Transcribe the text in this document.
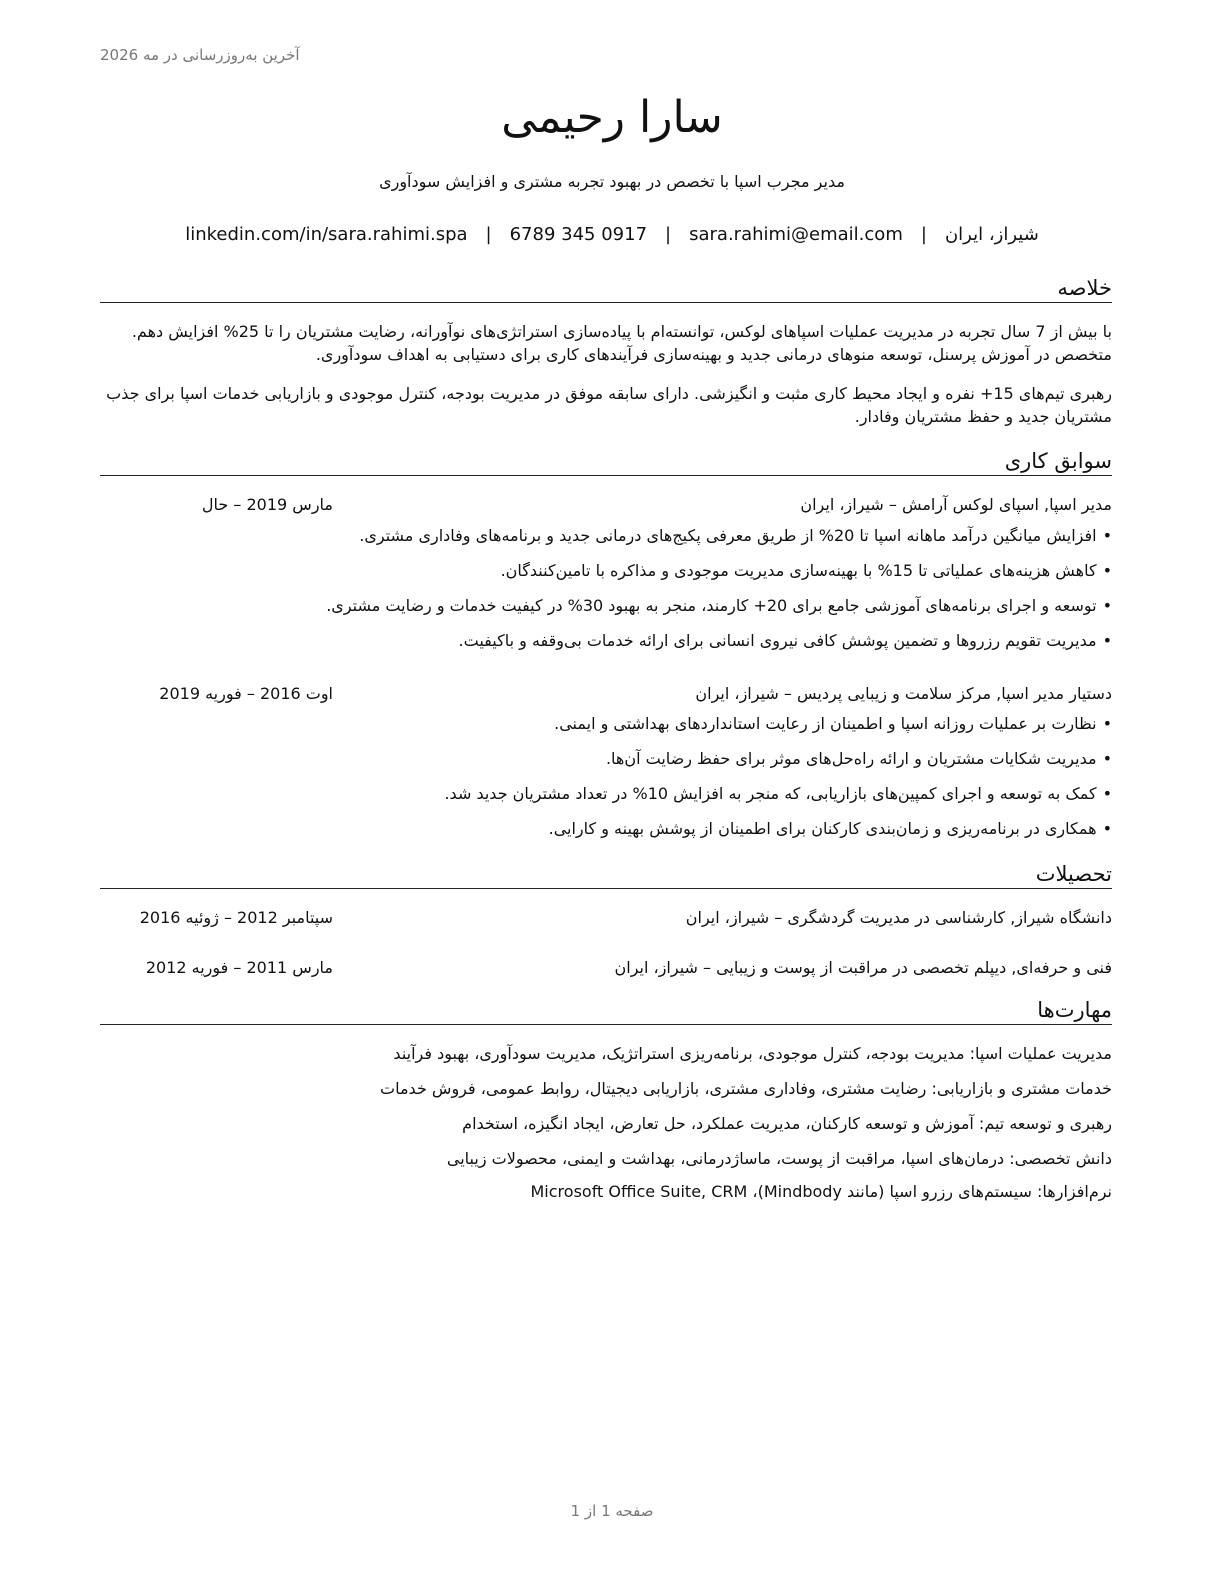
آخرین به‌روزرسانی در مه 2026
سارا رحیمی
مدیر مجرب اسپا با تخصص در بهبود تجربه مشتری و افزایش سودآوری
شیراز، ایران
|
sara.rahimi@email.com
|
6789 345 0917
|
linkedin.com/in/sara.rahimi.spa
خلاصه

با بیش از 7 سال تجربه در مدیریت عملیات اسپاهای لوکس، توانسته‌ام با پیاده‌سازی استراتژی‌های نوآورانه، رضایت مشتریان را تا 25% افزایش دهم. متخصص در آموزش پرسنل، توسعه منوهای درمانی جدید و بهینه‌سازی فرآیندهای کاری برای دستیابی به اهداف سودآوری.

رهبری تیم‌های 15+ نفره و ایجاد محیط کاری مثبت و انگیزشی. دارای سابقه موفق در مدیریت بودجه، کنترل موجودی و بازاریابی خدمات اسپا برای جذب مشتریان جدید و حفظ مشتریان وفادار.

سوابق کاری
مدیر اسپا, اسپای لوکس آرامش – شیراز، ایران
مارس 2019 – حال
•افزایش میانگین درآمد ماهانه اسپا تا 20% از طریق معرفی پکیج‌های درمانی جدید و برنامه‌های وفاداری مشتری.
•کاهش هزینه‌های عملیاتی تا 15% با بهینه‌سازی مدیریت موجودی و مذاکره با تامین‌کنندگان.
•توسعه و اجرای برنامه‌های آموزشی جامع برای 20+ کارمند، منجر به بهبود 30% در کیفیت خدمات و رضایت مشتری.
•مدیریت تقویم رزروها و تضمین پوشش کافی نیروی انسانی برای ارائه خدمات بی‌وقفه و باکیفیت.
دستیار مدیر اسپا, مرکز سلامت و زیبایی پردیس – شیراز، ایران
اوت 2016 – فوریه 2019
•نظارت بر عملیات روزانه اسپا و اطمینان از رعایت استانداردهای بهداشتی و ایمنی.
•مدیریت شکایات مشتریان و ارائه راه‌حل‌های موثر برای حفظ رضایت آن‌ها.
•کمک به توسعه و اجرای کمپین‌های بازاریابی، که منجر به افزایش 10% در تعداد مشتریان جدید شد.
•همکاری در برنامه‌ریزی و زمان‌بندی کارکنان برای اطمینان از پوشش بهینه و کارایی.
تحصیلات
دانشگاه شیراز, کارشناسی در مدیریت گردشگری – شیراز، ایران
سپتامبر 2012 – ژوئیه 2016
فنی و حرفه‌ای, دیپلم تخصصی در مراقبت از پوست و زیبایی – شیراز، ایران
مارس 2011 – فوریه 2012
مهارت‌ها
مدیریت عملیات اسپا: مدیریت بودجه، کنترل موجودی، برنامه‌ریزی استراتژیک، مدیریت سودآوری، بهبود فرآیند
خدمات مشتری و بازاریابی: رضایت مشتری، وفاداری مشتری، بازاریابی دیجیتال، روابط عمومی، فروش خدمات
رهبری و توسعه تیم: آموزش و توسعه کارکنان، مدیریت عملکرد، حل تعارض، ایجاد انگیزه، استخدام
دانش تخصصی: درمان‌های اسپا، مراقبت از پوست، ماساژدرمانی، بهداشت و ایمنی، محصولات زیبایی
نرم‌افزارها: سیستم‌های رزرو اسپا (مانند Mindbody)، Microsoft Office Suite, CRM
صفحه 1 از 1
